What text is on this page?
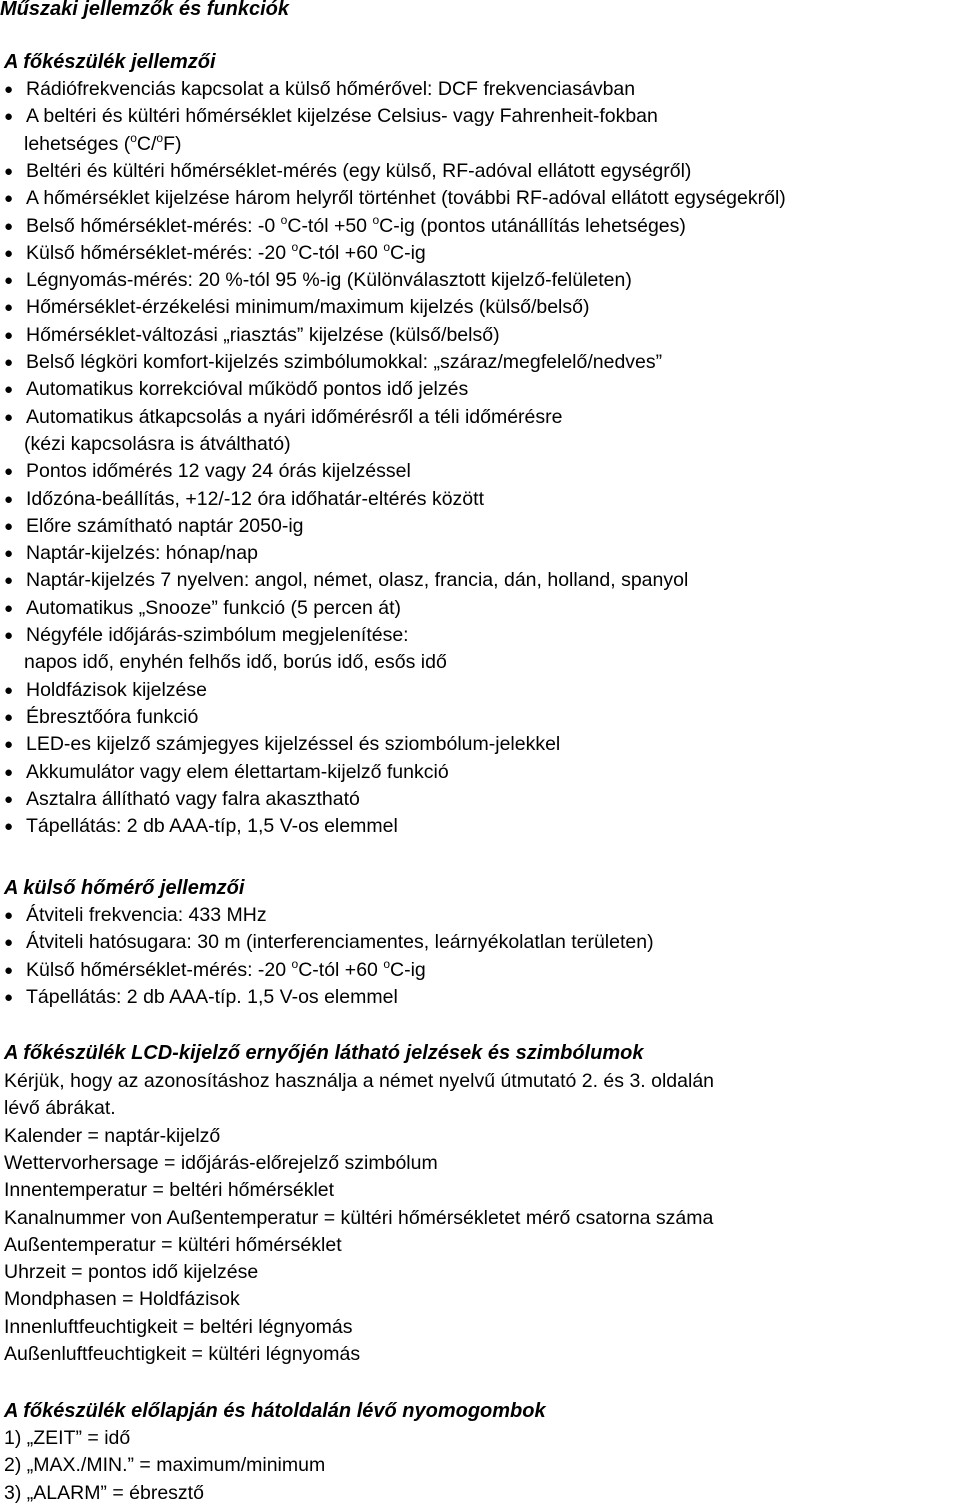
Műszaki jellemzők és funkciók
A főkészülék jellemzői
● Rádiófrekvenciás kapcsolat a külső hőmérővel: DCF frekvenciasávban
● A beltéri és kültéri hőmérséklet kijelzése Celsius- vagy Fahrenheit-fokban
lehetséges ($^o$C/$^o$F)
● Beltéri és kültéri hőmérséklet-mérés (egy külső, RF-adóval ellátott egységről)
● A hőmérséklet kijelzése három helyről történhet (további RF-adóval ellátott egységekről)
● Belső hőmérséklet-mérés: -0 $^o$C-tól +50 $^o$C-ig (pontos utánállítás lehetséges)
● Külső hőmérséklet-mérés: -20 $^o$C-tól +60 $^o$C-ig
● Légnyomás-mérés: 20 %-tól 95 %-ig (Különválasztott kijelző-felületen)
● Hőmérséklet-érzékelési minimum/maximum kijelzés (külső/belső)
● Hőmérséklet-változási „riasztás” kijelzése (külső/belső)
● Belső légköri komfort-kijelzés szimbólumokkal: „száraz/megfelelő/nedves”
● Automatikus korrekcióval működő pontos idő jelzés
● Automatikus átkapcsolás a nyári időmérésről a téli időmérésre
(kézi kapcsolásra is átváltható)
● Pontos időmérés 12 vagy 24 órás kijelzéssel
● Időzóna-beállítás, +12/-12 óra időhatár-eltérés között
● Előre számítható naptár 2050-ig
● Naptár-kijelzés: hónap/nap
● Naptár-kijelzés 7 nyelven: angol, német, olasz, francia, dán, holland, spanyol
● Automatikus „Snooze” funkció (5 percen át)
● Négyféle időjárás-szimbólum megjelenítése:
napos idő, enyhén felhős idő, borús idő, esős idő
● Holdfázisok kijelzése
● Ébresztőóra funkció
● LED-es kijelző számjegyes kijelzéssel és sziombólum-jelekkel
● Akkumulátor vagy elem élettartam-kijelző funkció
● Asztalra állítható vagy falra akasztható
● Tápellátás: 2 db AAA-típ, 1,5 V-os elemmel
A külső hőmérő jellemzői
● Átviteli frekvencia: 433 MHz
● Átviteli hatósugara: 30 m (interferenciamentes, leárnyékolatlan területen)
● Külső hőmérséklet-mérés: -20 $^o$C-tól +60 $^o$C-ig
● Tápellátás: 2 db AAA-típ. 1,5 V-os elemmel
A főkészülék LCD-kijelző ernyőjén látható jelzések és szimbólumok
Kérjük, hogy az azonosításhoz használja a német nyelvű útmutató 2. és 3. oldalán
lévő ábrákat.
Kalender = naptár-kijelző
Wettervorhersage = időjárás-előrejelző szimbólum
Innentemperatur = beltéri hőmérséklet
Kanalnummer von Außentemperatur = kültéri hőmérsékletet mérő csatorna száma
Außentemperatur = kültéri hőmérséklet
Uhrzeit = pontos idő kijelzése
Mondphasen = Holdfázisok
Innenluftfeuchtigkeit = beltéri légnyomás
Außenluftfeuchtigkeit = kültéri légnyomás
A főkészülék előlapján és hátoldalán lévő nyomogombok
1) „ZEIT” = idő
2) „MAX./MIN.” = maximum/minimum
3) „ALARM” = ébresztő
